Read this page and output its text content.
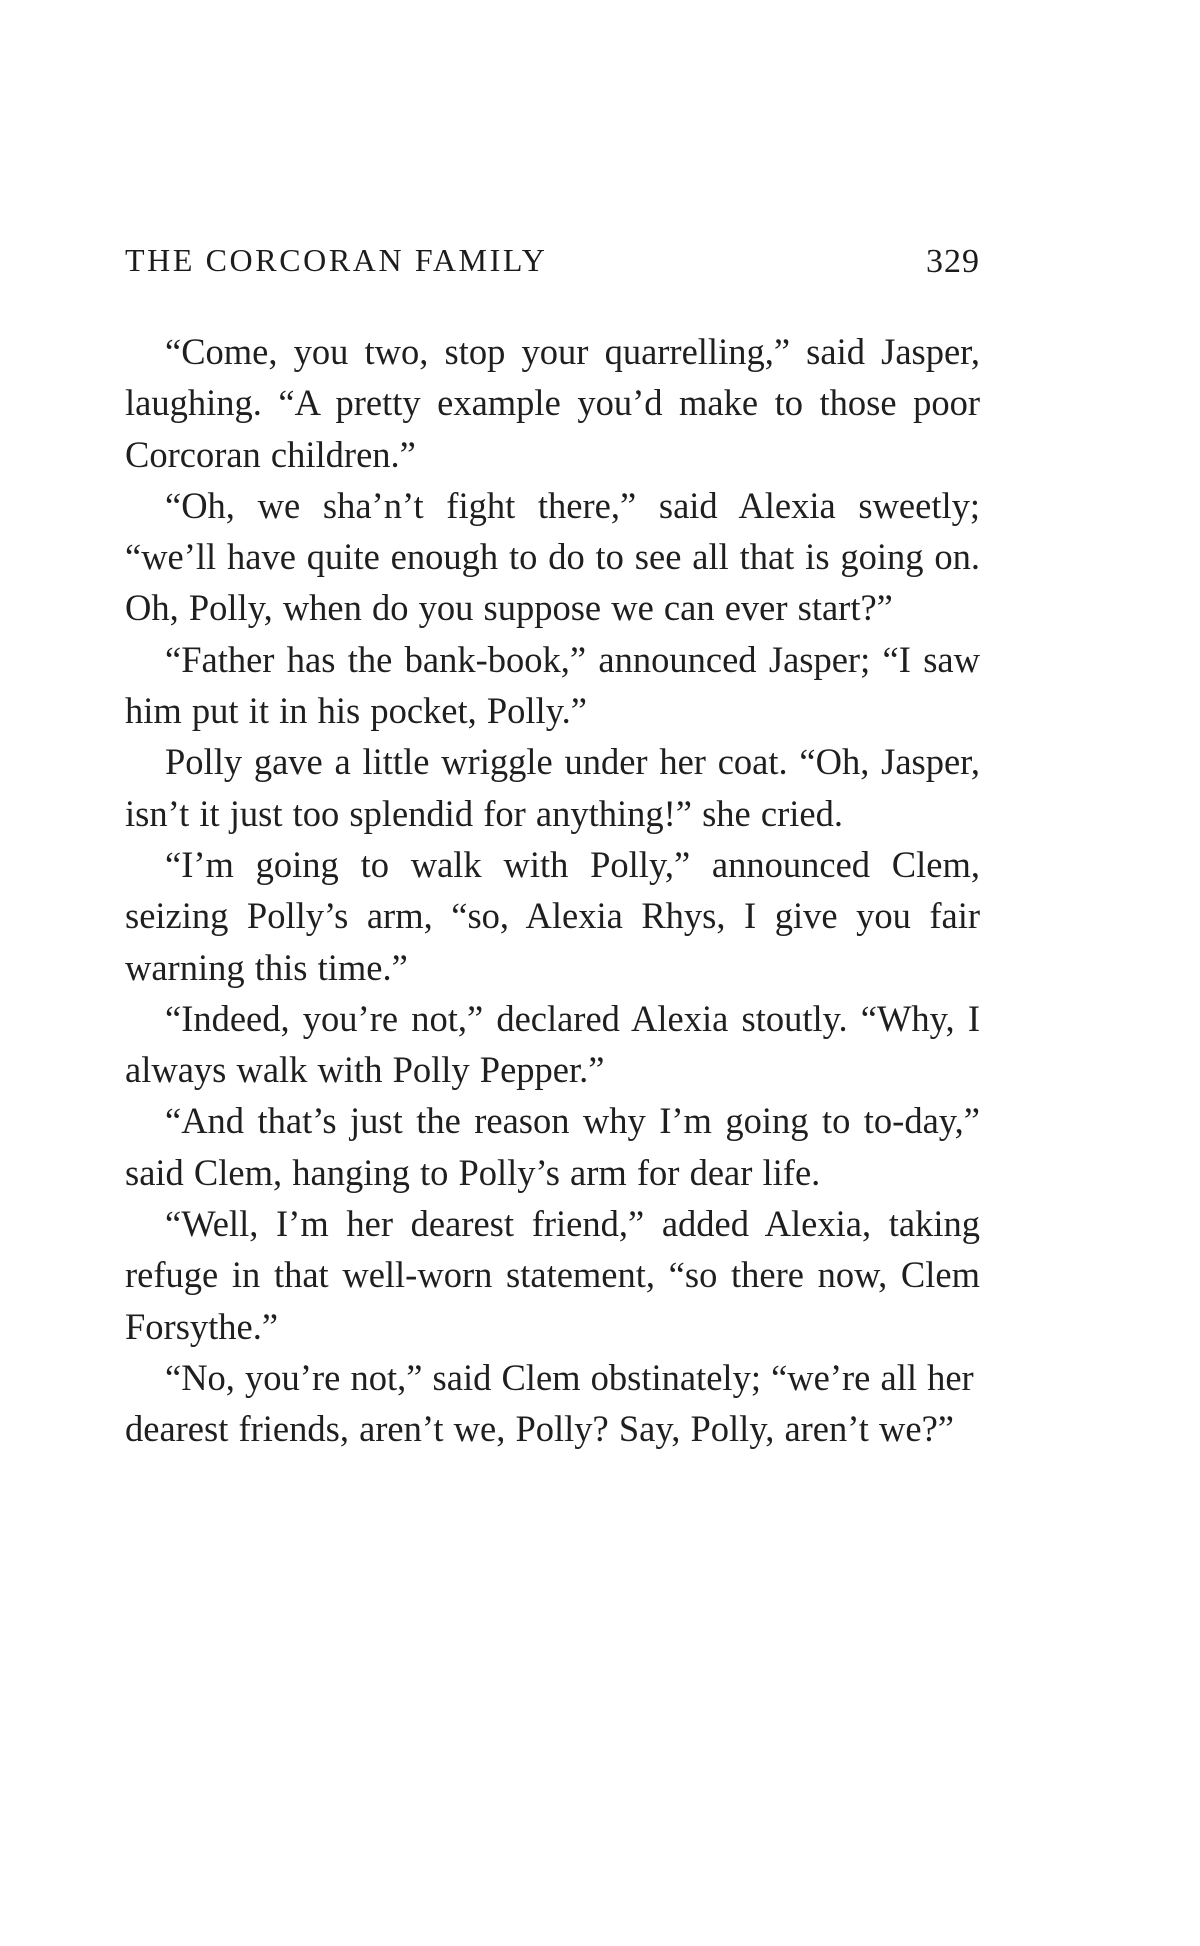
THE CORCORAN FAMILY	329

“Come, you two, stop your quarrelling,” said Jasper, laughing. “A pretty example you’d make to those poor Corcoran children.”

“Oh, we sha’n’t fight there,” said Alexia sweetly; “we’ll have quite enough to do to see all that is going on. Oh, Polly, when do you suppose we can ever start?”

“Father has the bank-book,” announced Jasper; “I saw him put it in his pocket, Polly.”

Polly gave a little wriggle under her coat. “Oh, Jasper, isn’t it just too splendid for anything!” she cried.

“I’m going to walk with Polly,” announced Clem, seizing Polly’s arm, “so, Alexia Rhys, I give you fair warning this time.”

“Indeed, you’re not,” declared Alexia stoutly. “Why, I always walk with Polly Pepper.”

“And that’s just the reason why I’m going to to-day,” said Clem, hanging to Polly’s arm for dear life.

“Well, I’m her dearest friend,” added Alexia, taking refuge in that well-worn statement, “so there now, Clem Forsythe.”

“No, you’re not,” said Clem obstinately; “we’re all her dearest friends, aren’t we, Polly? Say, Polly, aren’t we?”
